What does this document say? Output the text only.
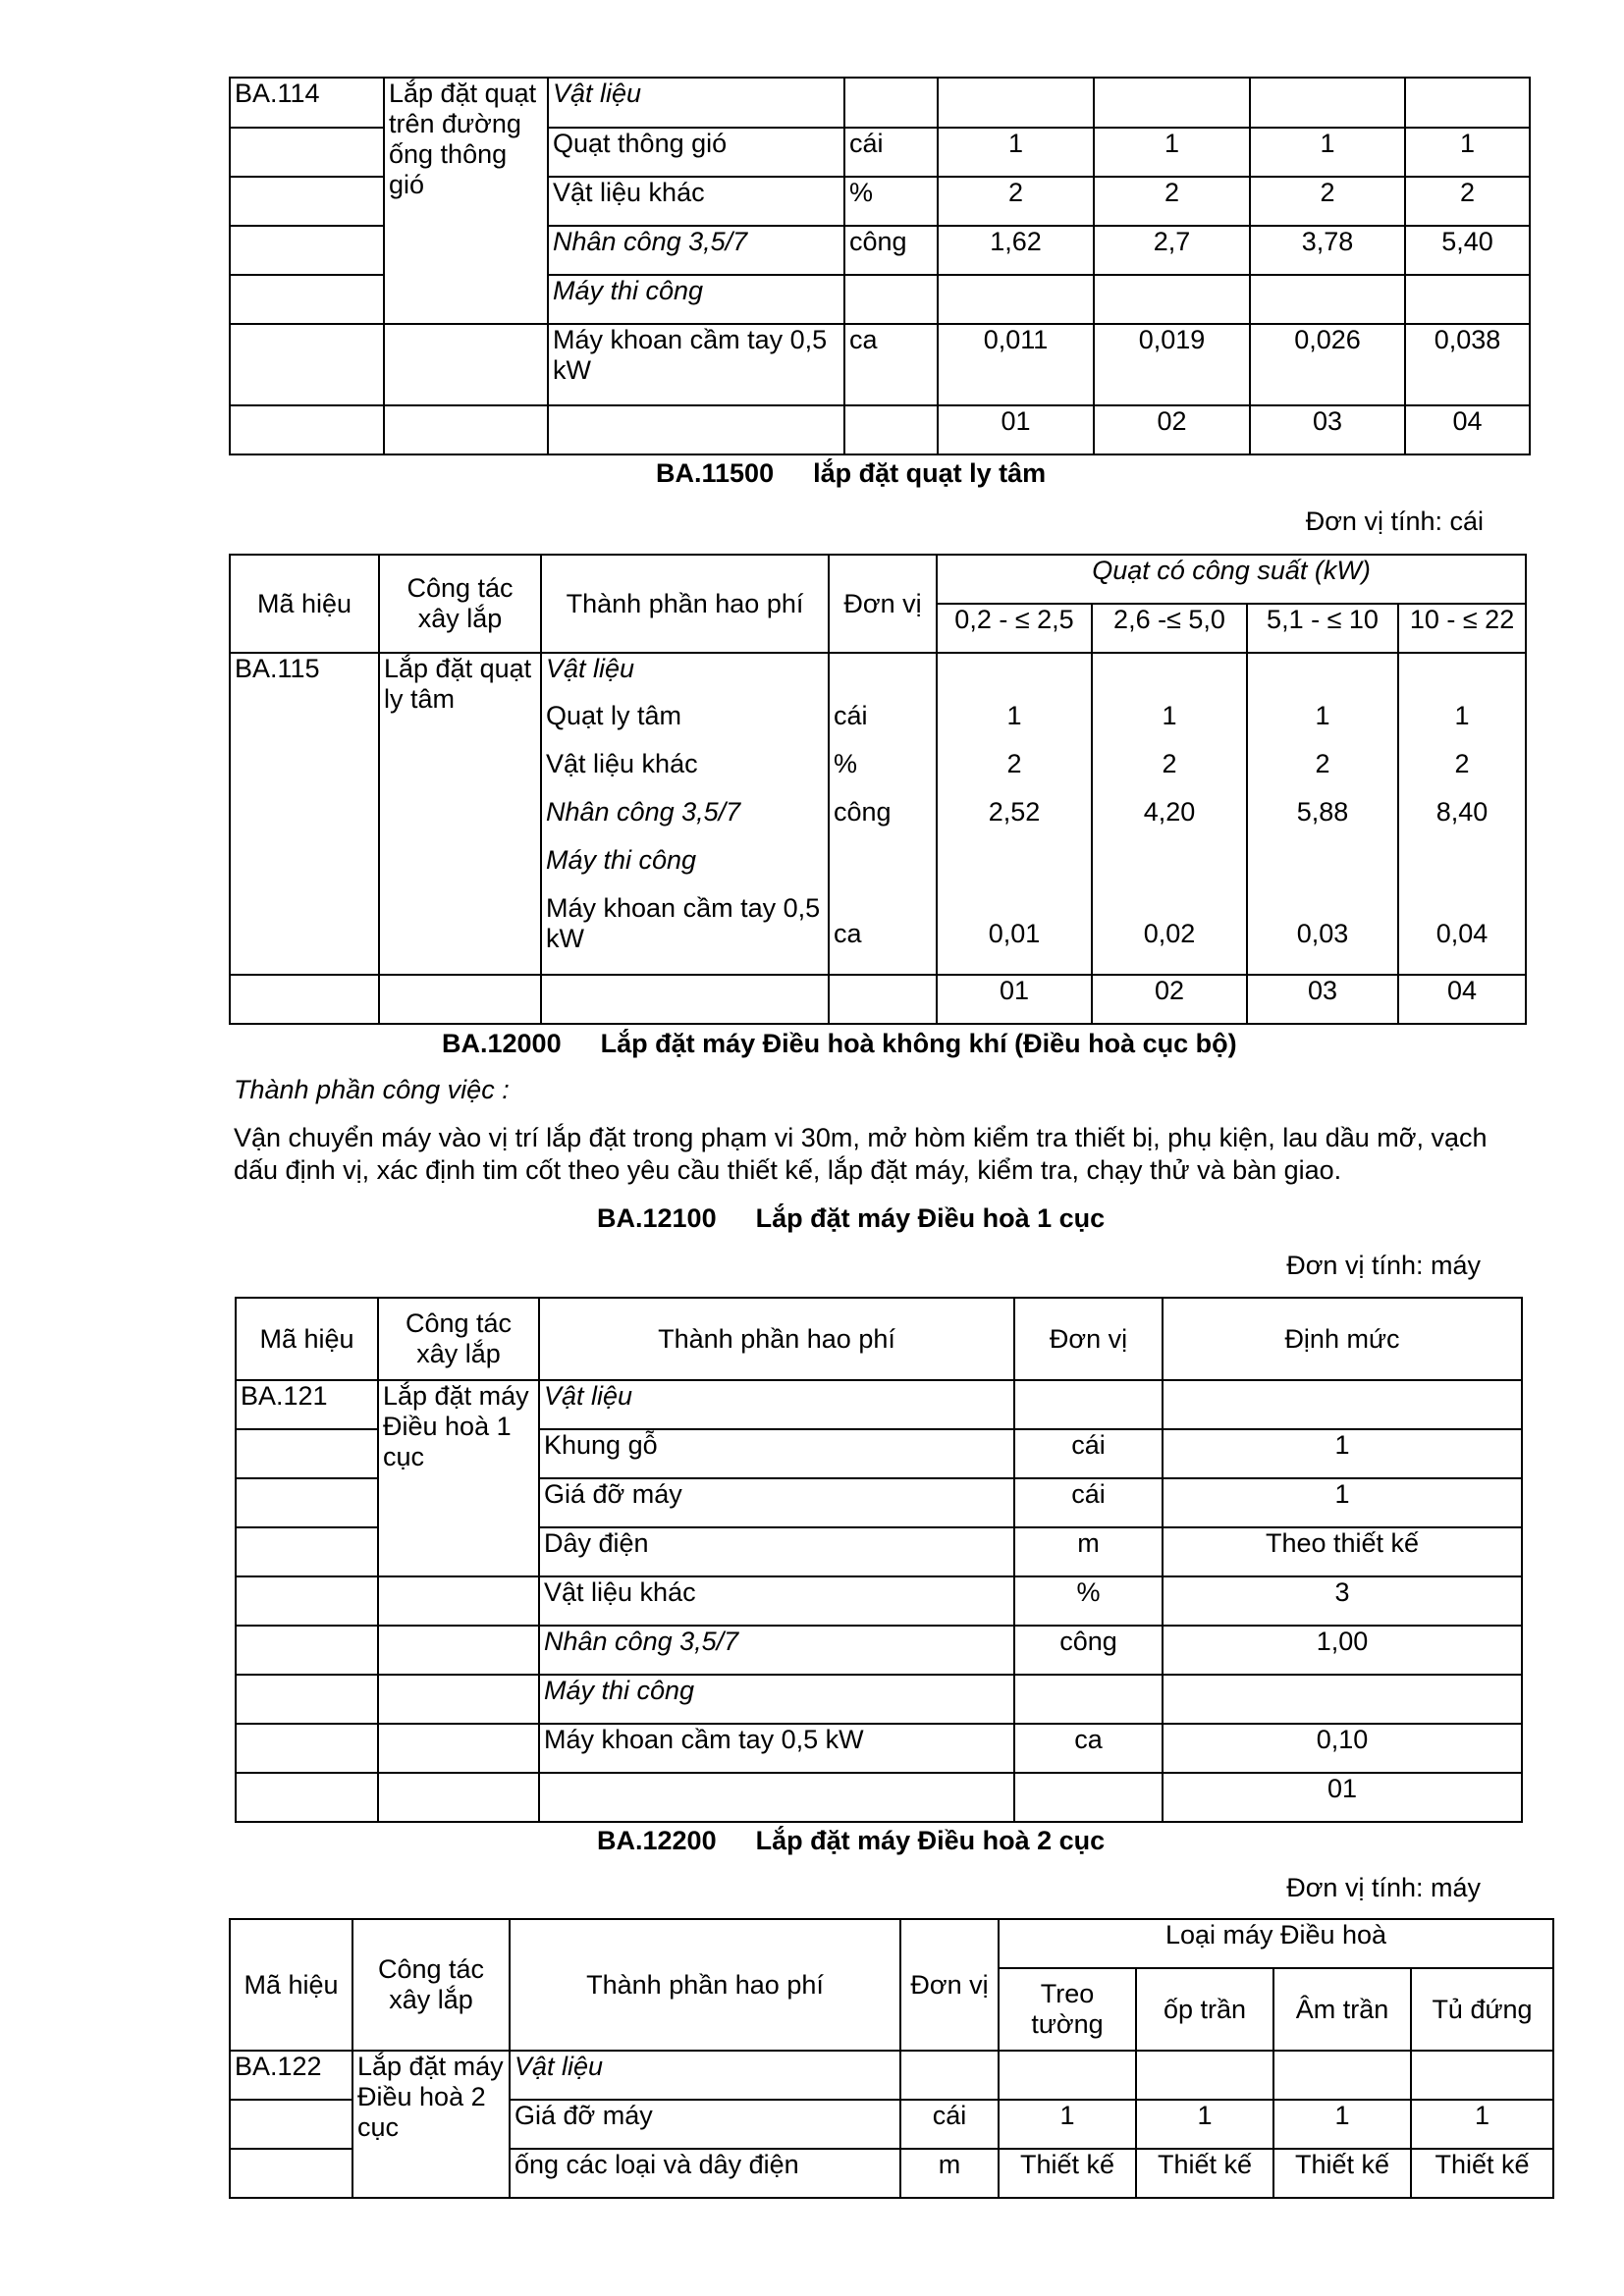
BA.114	Lắp đặt quạt trên đường ống thông gió	Vật liệu					
		Quạt thông gió	cái	1	1	1	1
		Vật liệu khác	%	2	2	2	2
		Nhân công 3,5/7	công	1,62	2,7	3,78	5,40
		Máy thi công					
		Máy khoan cầm tay 0,5 kW	ca	0,011	0,019	0,026	0,038
				01	02	03	04
BA.11500 lắp đặt quạt ly tâm
Đơn vị tính: cái
Mã hiệu	Công tác xây lắp	Thành phần hao phí	Đơn vị	Quạt có công suất (kW)			
				0,2 - ≤ 2,5	2,6 -≤ 5,0	5,1 - ≤ 10	10 - ≤ 22
BA.115	Lắp đặt quạt ly tâm	Vật liệu					
		Quạt ly tâm	cái	1	1	1	1
		Vật liệu khác	%	2	2	2	2
		Nhân công 3,5/7	công	2,52	4,20	5,88	8,40
		Máy thi công					
		Máy khoan cầm tay 0,5 kW	ca	0,01	0,02	0,03	0,04
				01	02	03	04
BA.12000 Lắp đặt máy Điều hoà không khí (Điều hoà cục bộ)
Thành phần công việc :
Vận chuyển máy vào vị trí lắp đặt trong phạm vi 30m, mở hòm kiểm tra thiết bị, phụ kiện, lau dầu mỡ, vạch dấu định vị, xác định tim cốt theo yêu cầu thiết kế, lắp đặt máy, kiểm tra, chạy thử và bàn giao.
BA.12100 Lắp đặt máy Điều hoà 1 cục
Đơn vị tính: máy
Mã hiệu	Công tác xây lắp	Thành phần hao phí	Đơn vị	Định mức
BA.121	Lắp đặt máy Điều hoà 1 cục	Vật liệu		
		Khung gỗ	cái	1
		Giá đỡ máy	cái	1
		Dây điện	m	Theo thiết kế
		Vật liệu khác	%	3
		Nhân công 3,5/7	công	1,00
		Máy thi công		
		Máy khoan cầm tay 0,5 kW	ca	0,10
				01
BA.12200 Lắp đặt máy Điều hoà 2 cục
Đơn vị tính: máy
Mã hiệu	Công tác xây lắp	Thành phần hao phí	Đơn vị	Loại máy Điều hoà			
				Treo tường	ốp trần	Âm trần	Tủ đứng
BA.122	Lắp đặt máy Điều hoà 2 cục	Vật liệu					
		Giá đỡ máy	cái	1	1	1	1
		ống các loại và dây điện	m	Thiết kế	Thiết kế	Thiết kế	Thiết kế
